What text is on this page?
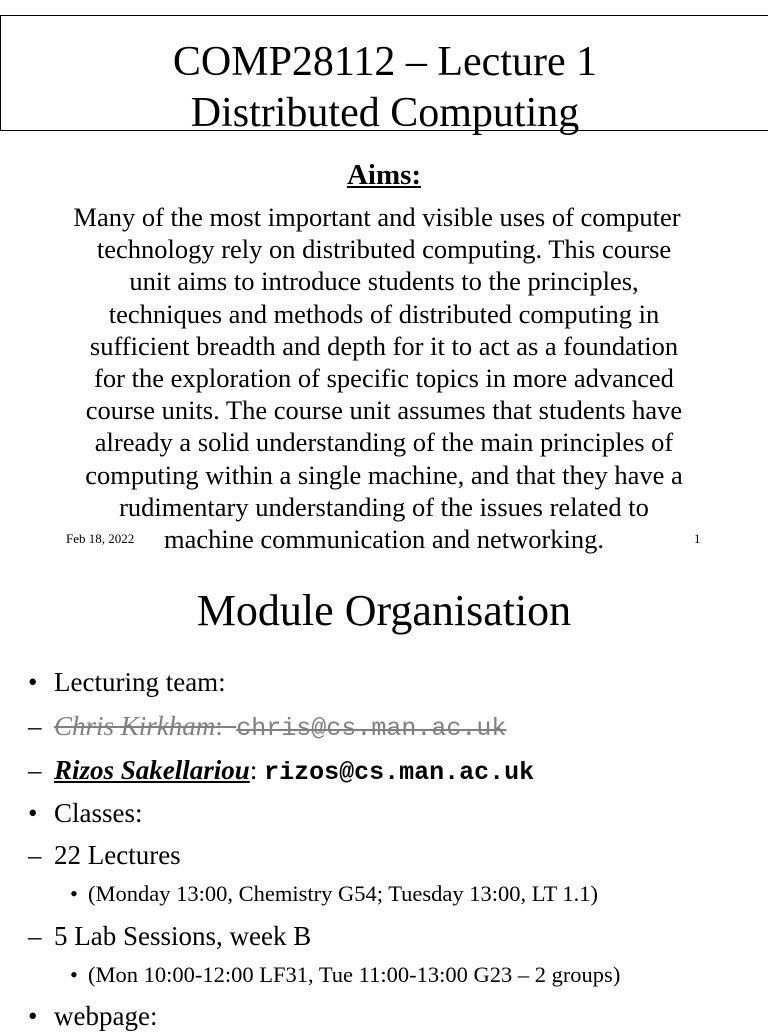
COMP28112 – Lecture 1
Distributed Computing
Aims:
Many of the most important and visible uses of computer
technology rely on distributed computing. This course
unit aims to introduce students to the principles,
techniques and methods of distributed computing in
sufficient breadth and depth for it to act as a foundation
for the exploration of specific topics in more advanced
course units. The course unit assumes that students have
already a solid understanding of the main principles of
computing within a single machine, and that they have a
rudimentary understanding of the issues related to
machine communication and networking.
Feb 18, 2022	1
Module Organisation
• Lecturing team:
– Chris Kirkham: chris@cs.man.ac.uk
– Rizos Sakellariou: rizos@cs.man.ac.uk
• Classes:
– 22 Lectures
• (Monday 13:00, Chemistry G54; Tuesday 13:00, LT 1.1)
– 5 Lab Sessions, week B
• (Mon 10:00-12:00 LF31, Tue 11:00-13:00 G23 – 2 groups)
• webpage:
